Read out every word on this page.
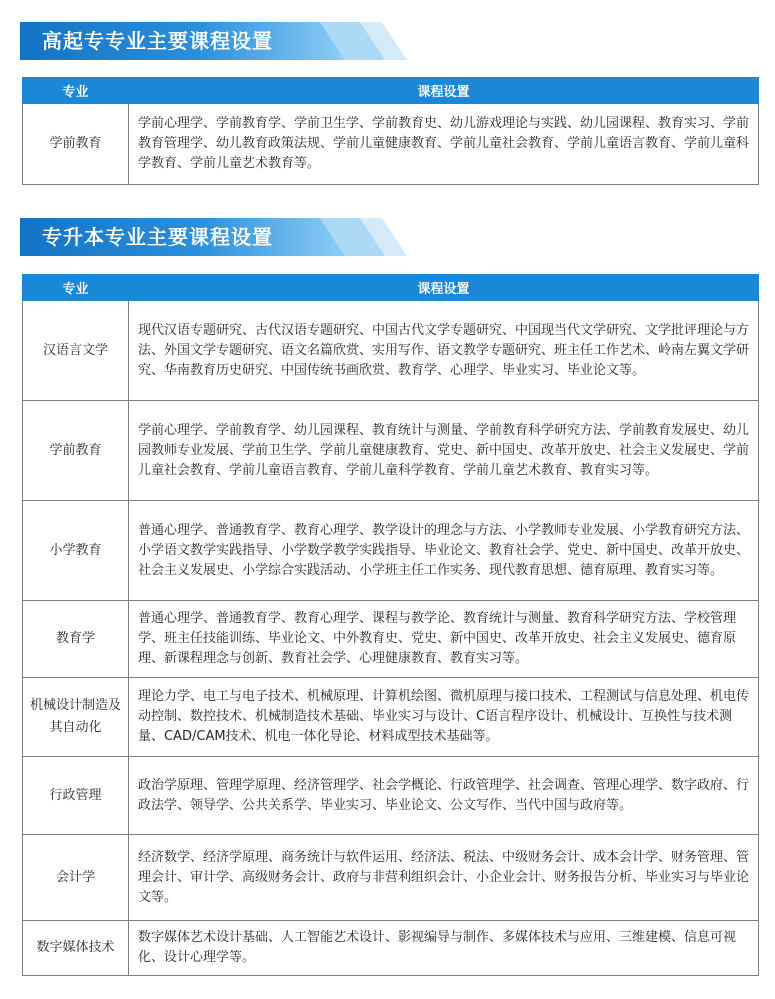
高起专专业主要课程设置
专业	课程设置
学前教育	学前心理学、学前教育学、学前卫生学、学前教育史、幼儿游戏理论与实践、幼儿园课程、教育实习、学前教育管理学、幼儿教育政策法规、学前儿童健康教育、学前儿童社会教育、学前儿童语言教育、学前儿童科学教育、学前儿童艺术教育等。
专升本专业主要课程设置
专业	课程设置
汉语言文学	现代汉语专题研究、古代汉语专题研究、中国古代文学专题研究、中国现当代文学研究、文学批评理论与方法、外国文学专题研究、语文名篇欣赏、实用写作、语文教学专题研究、班主任工作艺术、岭南左翼文学研究、华南教育历史研究、中国传统书画欣赏、教育学、心理学、毕业实习、毕业论文等。
学前教育	学前心理学、学前教育学、幼儿园课程、教育统计与测量、学前教育科学研究方法、学前教育发展史、幼儿园教师专业发展、学前卫生学、学前儿童健康教育、党史、新中国史、改革开放史、社会主义发展史、学前儿童社会教育、学前儿童语言教育、学前儿童科学教育、学前儿童艺术教育、教育实习等。
小学教育	普通心理学、普通教育学、教育心理学、教学设计的理念与方法、小学教师专业发展、小学教育研究方法、小学语文教学实践指导、小学数学教学实践指导、毕业论文、教育社会学、党史、新中国史、改革开放史、社会主义发展史、小学综合实践活动、小学班主任工作实务、现代教育思想、德育原理、教育实习等。
教育学	普通心理学、普通教育学、教育心理学、课程与教学论、教育统计与测量、教育科学研究方法、学校管理学、班主任技能训练、毕业论文、中外教育史、党史、新中国史、改革开放史、社会主义发展史、德育原理、新课程理念与创新、教育社会学、心理健康教育、教育实习等。
机械设计制造及其自动化	理论力学、电工与电子技术、机械原理、计算机绘图、微机原理与接口技术、工程测试与信息处理、机电传动控制、数控技术、机械制造技术基础、毕业实习与设计、C语言程序设计、机械设计、互换性与技术测量、CAD/CAM技术、机电一体化导论、材料成型技术基础等。
行政管理	政治学原理、管理学原理、经济管理学、社会学概论、行政管理学、社会调查、管理心理学、数字政府、行政法学、领导学、公共关系学、毕业实习、毕业论文、公文写作、当代中国与政府等。
会计学	经济数学、经济学原理、商务统计与软件运用、经济法、税法、中级财务会计、成本会计学、财务管理、管理会计、审计学、高级财务会计、政府与非营利组织会计、小企业会计、财务报告分析、毕业实习与毕业论文等。
数字媒体技术	数字媒体艺术设计基础、人工智能艺术设计、影视编导与制作、多媒体技术与应用、三维建模、信息可视化、设计心理学等。
